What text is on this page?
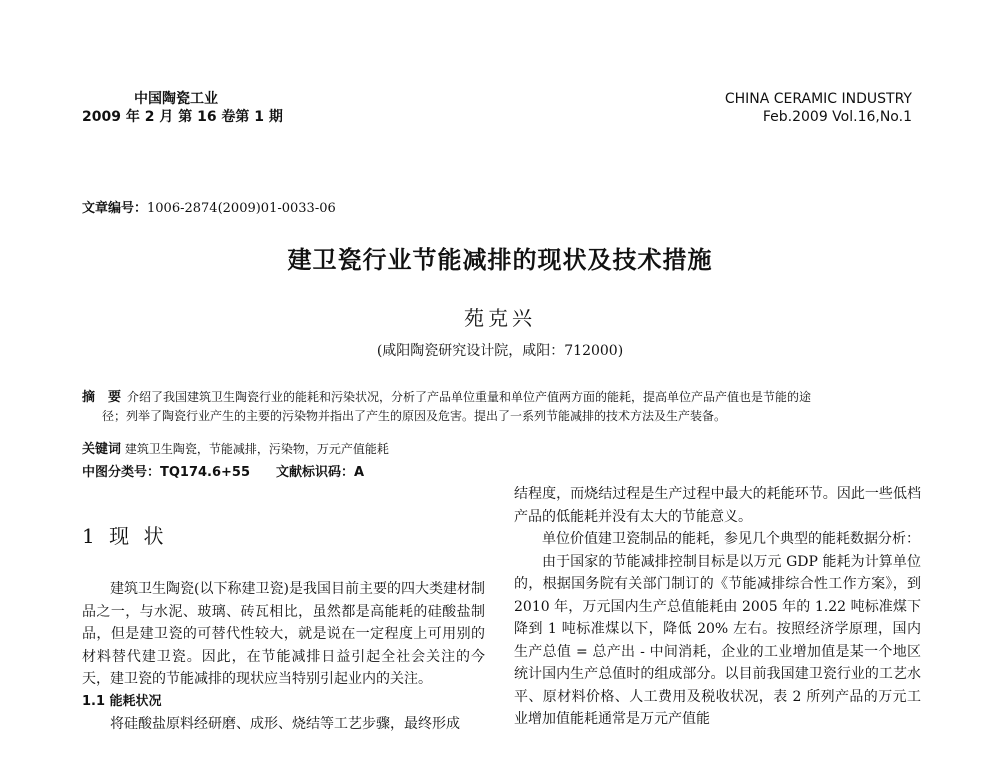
中国陶瓷工业
2009 年 2 月 第 16 卷第 1 期
CHINA CERAMIC INDUSTRY
Feb.2009 Vol.16,No.1
文章编号：1006-2874(2009)01-0033-06
建卫瓷行业节能减排的现状及技术措施
苑克兴
(咸阳陶瓷研究设计院，咸阳：712000)
摘　要 介绍了我国建筑卫生陶瓷行业的能耗和污染状况，分析了产品单位重量和单位产值两方面的能耗，提高单位产品产值也是节能的途
径；列举了陶瓷行业产生的主要的污染物并指出了产生的原因及危害。提出了一系列节能减排的技术方法及生产装备。
关键词 建筑卫生陶瓷，节能减排，污染物，万元产值能耗
中图分类号：TQ174.6+55 文献标识码：A
1 现 状

建筑卫生陶瓷(以下称建卫瓷)是我国目前主要的四大类建材制品之一，与水泥、玻璃、砖瓦相比，虽然都是高能耗的硅酸盐制品，但是建卫瓷的可替代性较大，就是说在一定程度上可用别的材料替代建卫瓷。因此，在节能减排日益引起全社会关注的今天，建卫瓷的节能减排的现状应当特别引起业内的关注。

1.1 能耗状况

将硅酸盐原料经研磨、成形、烧结等工艺步骤，最终形成

结程度，而烧结过程是生产过程中最大的耗能环节。因此一些低档产品的低能耗并没有太大的节能意义。

单位价值建卫瓷制品的能耗，参见几个典型的能耗数据分析：

由于国家的节能减排控制目标是以万元 GDP 能耗为计算单位的，根据国务院有关部门制订的《节能减排综合性工作方案》，到 2010 年，万元国内生产总值能耗由 2005 年的 1.22 吨标准煤下降到 1 吨标准煤以下，降低 20% 左右。按照经济学原理，国内生产总值 = 总产出 - 中间消耗，企业的工业增加值是某一个地区统计国内生产总值时的组成部分。以目前我国建卫瓷行业的工艺水平、原材料价格、人工费用及税收状况，表 2 所列产品的万元工业增加值能耗通常是万元产值能
